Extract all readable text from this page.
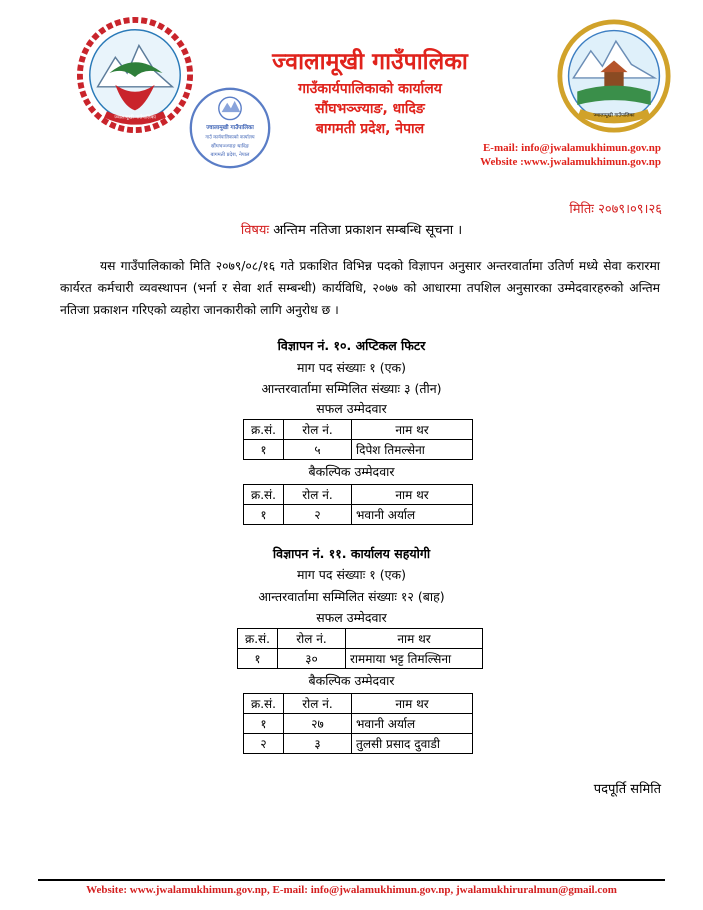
ज्वालामूखी गाउँपालिका
ज्वालामूखी गाउँपालिका
गाउँ कार्यपालिकाको कार्यालय
सौंघभञ्ज्याङ धादिङ
बागमती प्रदेश, नेपाल
ज्वालामूखी गाउँपालिका
ज्वालामूखी गाउँपालिका
गाउँकार्यपालिकाको कार्यालय
सौंघभञ्ज्याङ, धादिङ
बागमती प्रदेश, नेपाल
E-mail: info@jwalamukhimun.gov.np
Website :www.jwalamukhimun.gov.np
मितिः २०७९।०९।२६
विषयः अन्तिम नतिजा प्रकाशन सम्बन्धि सूचना ।
यस गाउँपालिकाको मिति २०७९/०८/१६ गते प्रकाशित विभिन्न पदको विज्ञापन अनुसार अन्तरवार्तामा उतिर्ण मध्ये सेवा करारमा कार्यरत कर्मचारी व्यवस्थापन (भर्ना र सेवा शर्त सम्बन्धी) कार्यविधि, २०७७ को आधारमा तपशिल अनुसारका उम्मेदवारहरुको अन्तिम नतिजा प्रकाशन गरिएको व्यहोरा जानकारीको लागि अनुरोध छ ।
विज्ञापन नं. १०. अप्टिकल फिटर
माग पद संख्याः १ (एक)
आन्तरवार्तामा सम्मिलित संख्याः ३ (तीन)
सफल उम्मेदवार
क्र.सं.	रोल नं.	नाम थर
१	५	दिपेश तिमल्सेना
बैकल्पिक उम्मेदवार
क्र.सं.	रोल नं.	नाम थर
१	२	भवानी अर्याल
विज्ञापन नं. ११. कार्यालय सहयोगी
माग पद संख्याः १ (एक)
आन्तरवार्तामा सम्मिलित संख्याः १२ (बाह)
सफल उम्मेदवार
क्र.सं.	रोल नं.	नाम थर
१	३०	राममाया भट्ट तिमल्सिना
बैकल्पिक उम्मेदवार
क्र.सं.	रोल नं.	नाम थर
१	२७	भवानी अर्याल
२	३	तुलसी प्रसाद दुवाडी
पदपूर्ति समिति
Website: www.jwalamukhimun.gov.np, E-mail: info@jwalamukhimun.gov.np, jwalamukhiruralmun@gmail.com
